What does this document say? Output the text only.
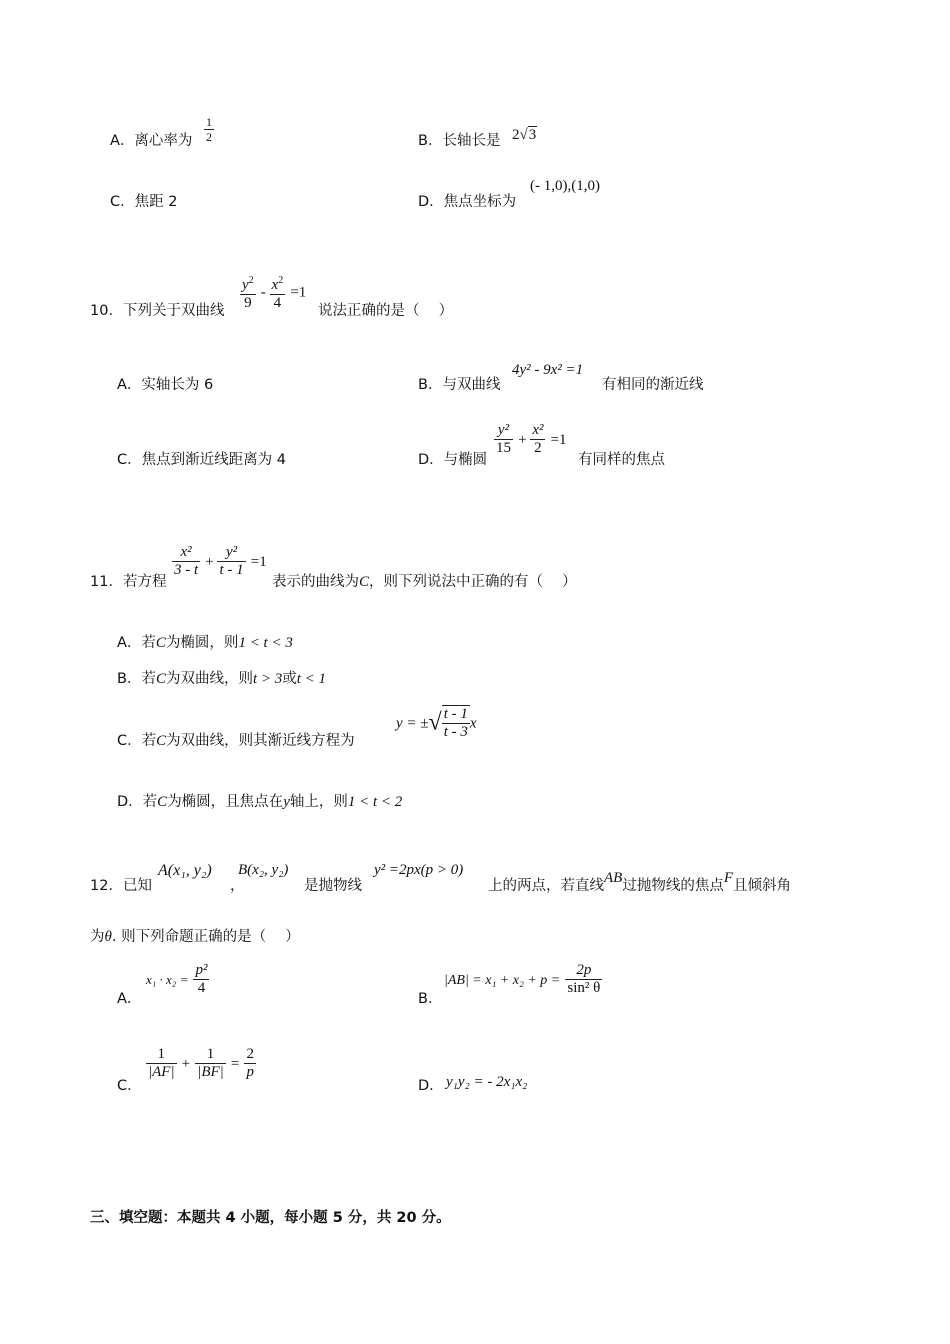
A．离心率为 $\frac{1}{2}$	B．长轴长是 2√3
C．焦距 2	D．焦点坐标为
(- 1,0),(1,0)
10．下列关于双曲线 $\frac{y^2}{9} - \frac{x^2}{4} =1$
说法正确的是（　 ）
A．实轴长为 6	B．与双曲线
4y² - 9x² =1
有相同的渐近线
C．焦点到渐近线距离为 4	D．与椭圆
$\frac{\text{y²}}{15} + \frac{\text{x²}}{2} =1$
有同样的焦点
11．若方程
$\frac{\text{x²}}{3 - t} + \frac{\text{y²}}{t - 1} =1$
表示的曲线为C，则下列说法中正确的有（　 ）
A．若C为椭圆，则1 < t < 3
B．若C为双曲线，则t > 3或t < 1
C．若C为双曲线，则其渐近线方程为
y = ±√ $\frac{t - 1}{t - 3}$ x
D．若C为椭圆，且焦点在y轴上，则1 < t < 2
12．已知
A(x₁, y₂)
，
B(x₂, y₂)
是抛物线
y² =2px(p > 0)
上的两点，若直线AB过抛物线的焦点F且倾斜角
为θ. 则下列命题正确的是（　 ）
A．
$x_1 \cdot x_2 = \frac{\text{p²}}{4}$
B．
$|AB| = x_1 + x_2 + p = \frac{2p}{\text{sin² θ}}$
C．
$\frac{1}{|AF|} + \frac{1}{|BF|} = \frac{2}{p}$
D． y₁y₂ = - 2x₁x₂
三、填空题：本题共 4 小题，每小题 5 分，共 20 分。
